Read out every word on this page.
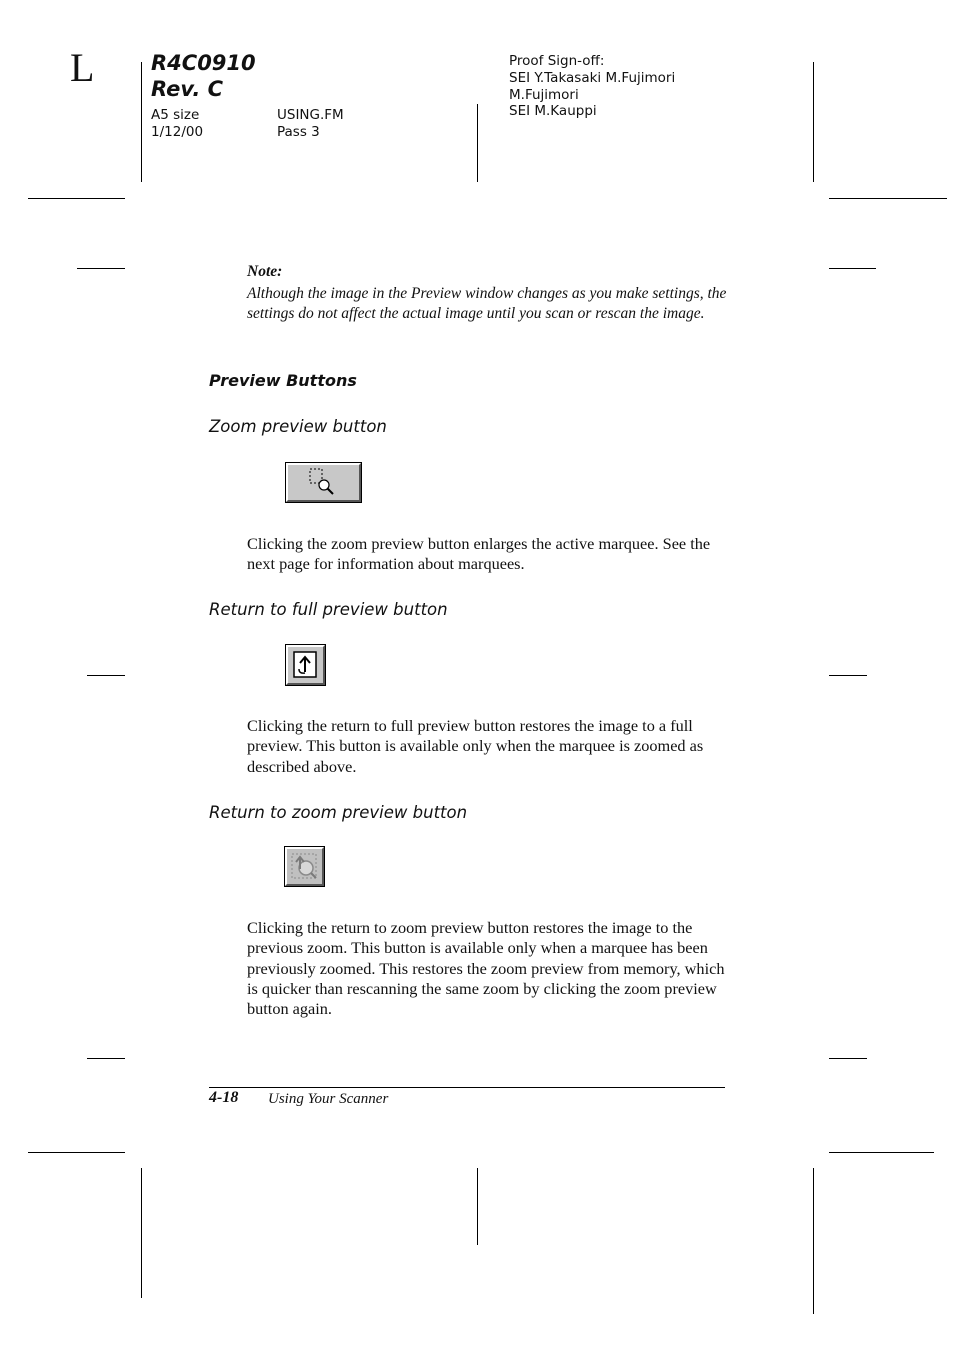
L	R4C0910
Rev. C
A5 size
1/12/00
USING.FM
Pass 3
Proof Sign-off:
SEI Y.Takasaki M.Fujimori
M.Fujimori
SEI M.Kauppi
Note:
Although the image in the Preview window changes as you make settings, the settings do not affect the actual image until you scan or rescan the image.
Preview Buttons
Zoom preview button
Clicking the zoom preview button enlarges the active marquee. See the next page for information about marquees.
Return to full preview button
Clicking the return to full preview button restores the image to a full preview. This button is available only when the marquee is zoomed as described above.
Return to zoom preview button
Clicking the return to zoom preview button restores the image to the previous zoom. This button is available only when a marquee has been previously zoomed. This restores the zoom preview from memory, which is quicker than rescanning the same zoom by clicking the zoom preview button again.
4-18 Using Your Scanner
